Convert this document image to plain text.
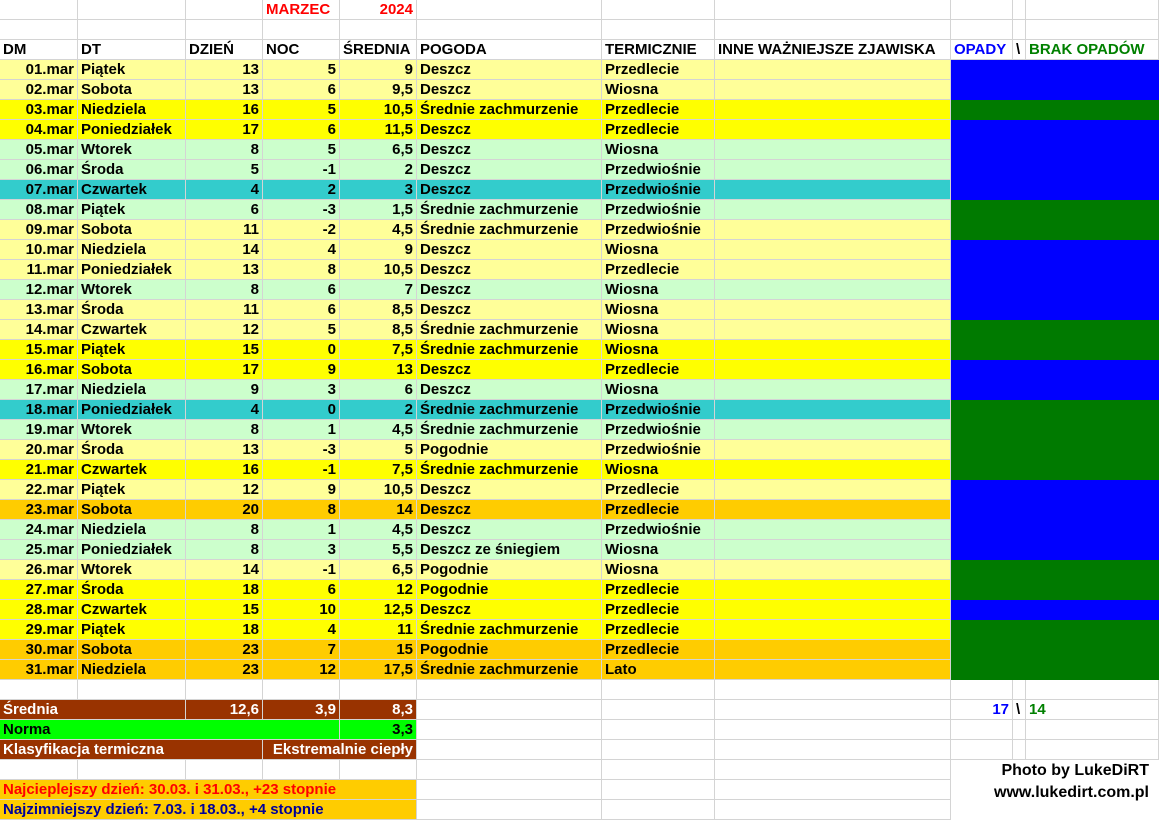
MARZEC	2024
DM	DT	DZIEŃ	NOC	ŚREDNIA POGODA	TERMICZNIE	INNE WAŻNIEJSZE ZJAWISKA	OPADY \ BRAK OPADÓW
01.mar Piątek	13	5	9 Deszcz	Przedlecie
02.mar Sobota	13	6	9,5 Deszcz	Wiosna
03.mar Niedziela	16	5	10,5 Średnie zachmurzenie	Przedlecie
04.mar Poniedziałek	17	6	11,5 Deszcz	Przedlecie
05.mar Wtorek	8	5	6,5 Deszcz	Wiosna
06.mar Środa	5	-1	2 Deszcz	Przedwiośnie
07.mar Czwartek	4	2	3 Deszcz	Przedwiośnie
08.mar Piątek	6	-3	1,5 Średnie zachmurzenie	Przedwiośnie
09.mar Sobota	11	-2	4,5 Średnie zachmurzenie	Przedwiośnie
10.mar Niedziela	14	4	9 Deszcz	Wiosna
11.mar Poniedziałek	13	8	10,5 Deszcz	Przedlecie
12.mar Wtorek	8	6	7 Deszcz	Wiosna
13.mar Środa	11	6	8,5 Deszcz	Wiosna
14.mar Czwartek	12	5	8,5 Średnie zachmurzenie	Wiosna
15.mar Piątek	15	0	7,5 Średnie zachmurzenie	Wiosna
16.mar Sobota	17	9	13 Deszcz	Przedlecie
17.mar Niedziela	9	3	6 Deszcz	Wiosna
18.mar Poniedziałek	4	0	2 Średnie zachmurzenie	Przedwiośnie
19.mar Wtorek	8	1	4,5 Średnie zachmurzenie	Przedwiośnie
20.mar Środa	13	-3	5 Pogodnie	Przedwiośnie
21.mar Czwartek	16	-1	7,5 Średnie zachmurzenie	Wiosna
22.mar Piątek	12	9	10,5 Deszcz	Przedlecie
23.mar Sobota	20	8	14 Deszcz	Przedlecie
24.mar Niedziela	8	1	4,5 Deszcz	Przedwiośnie
25.mar Poniedziałek	8	3	5,5 Deszcz ze śniegiem	Wiosna
26.mar Wtorek	14	-1	6,5 Pogodnie	Wiosna
27.mar Środa	18	6	12 Pogodnie	Przedlecie
28.mar Czwartek	15	10	12,5 Deszcz	Przedlecie
29.mar Piątek	18	4	11 Średnie zachmurzenie	Przedlecie
30.mar Sobota	23	7	15 Pogodnie	Przedlecie
31.mar Niedziela	23	12	17,5 Średnie zachmurzenie	Lato
Średnia	12,6	3,9	8,3	17 \ 14
Norma	3,3
Klasyfikacja termiczna	Ekstremalnie ciepły
Najcieplejszy dzień: 30.03. i 31.03., +23 stopnie
Najzimniejszy dzień: 7.03. i 18.03., +4 stopnie
Photo by LukeDiRT
www.lukedirt.com.pl
